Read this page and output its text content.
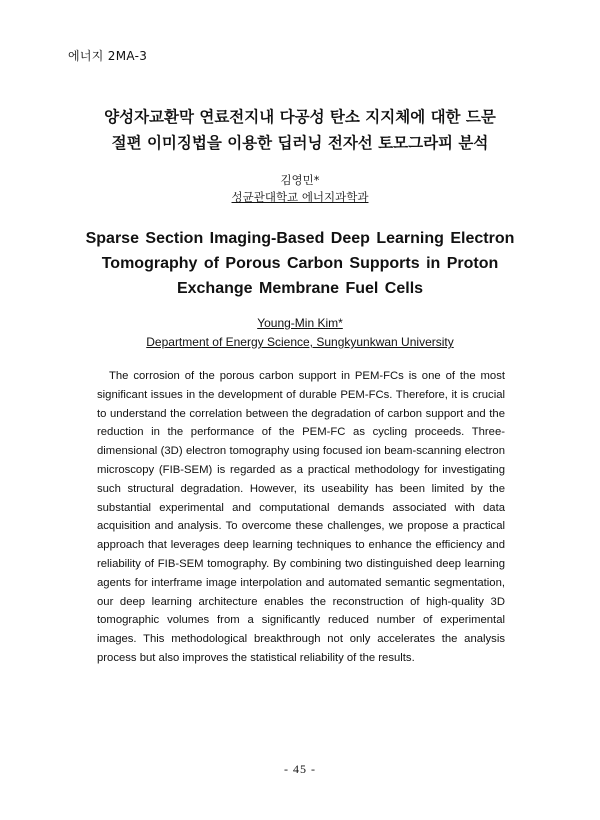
에너지 2MA-3
양성자교환막 연료전지내 다공성 탄소 지지체에 대한 드문
절편 이미징법을 이용한 딥러닝 전자선 토모그라피 분석
김영민*
성균관대학교 에너지과학과
Sparse Section Imaging-Based Deep Learning Electron
Tomography of Porous Carbon Supports in Proton
Exchange Membrane Fuel Cells
Young-Min Kim*
Department of Energy Science, Sungkyunkwan University
The corrosion of the porous carbon support in PEM-FCs is one of the most significant issues in the development of durable PEM-FCs. Therefore, it is crucial to understand the correlation between the degradation of carbon support and the reduction in the performance of the PEM-FC as cycling proceeds. Three-dimensional (3D) electron tomography using focused ion beam-scanning electron microscopy (FIB-SEM) is regarded as a practical methodology for investigating such structural degradation. However, its useability has been limited by the substantial experimental and computational demands associated with data acquisition and analysis. To overcome these challenges, we propose a practical approach that leverages deep learning techniques to enhance the efficiency and reliability of FIB-SEM tomography. By combining two distinguished deep learning agents for interframe image interpolation and automated semantic segmentation, our deep learning architecture enables the reconstruction of high-quality 3D tomographic volumes from a significantly reduced number of experimental images. This methodological breakthrough not only accelerates the analysis process but also improves the statistical reliability of the results.
- 45 -
